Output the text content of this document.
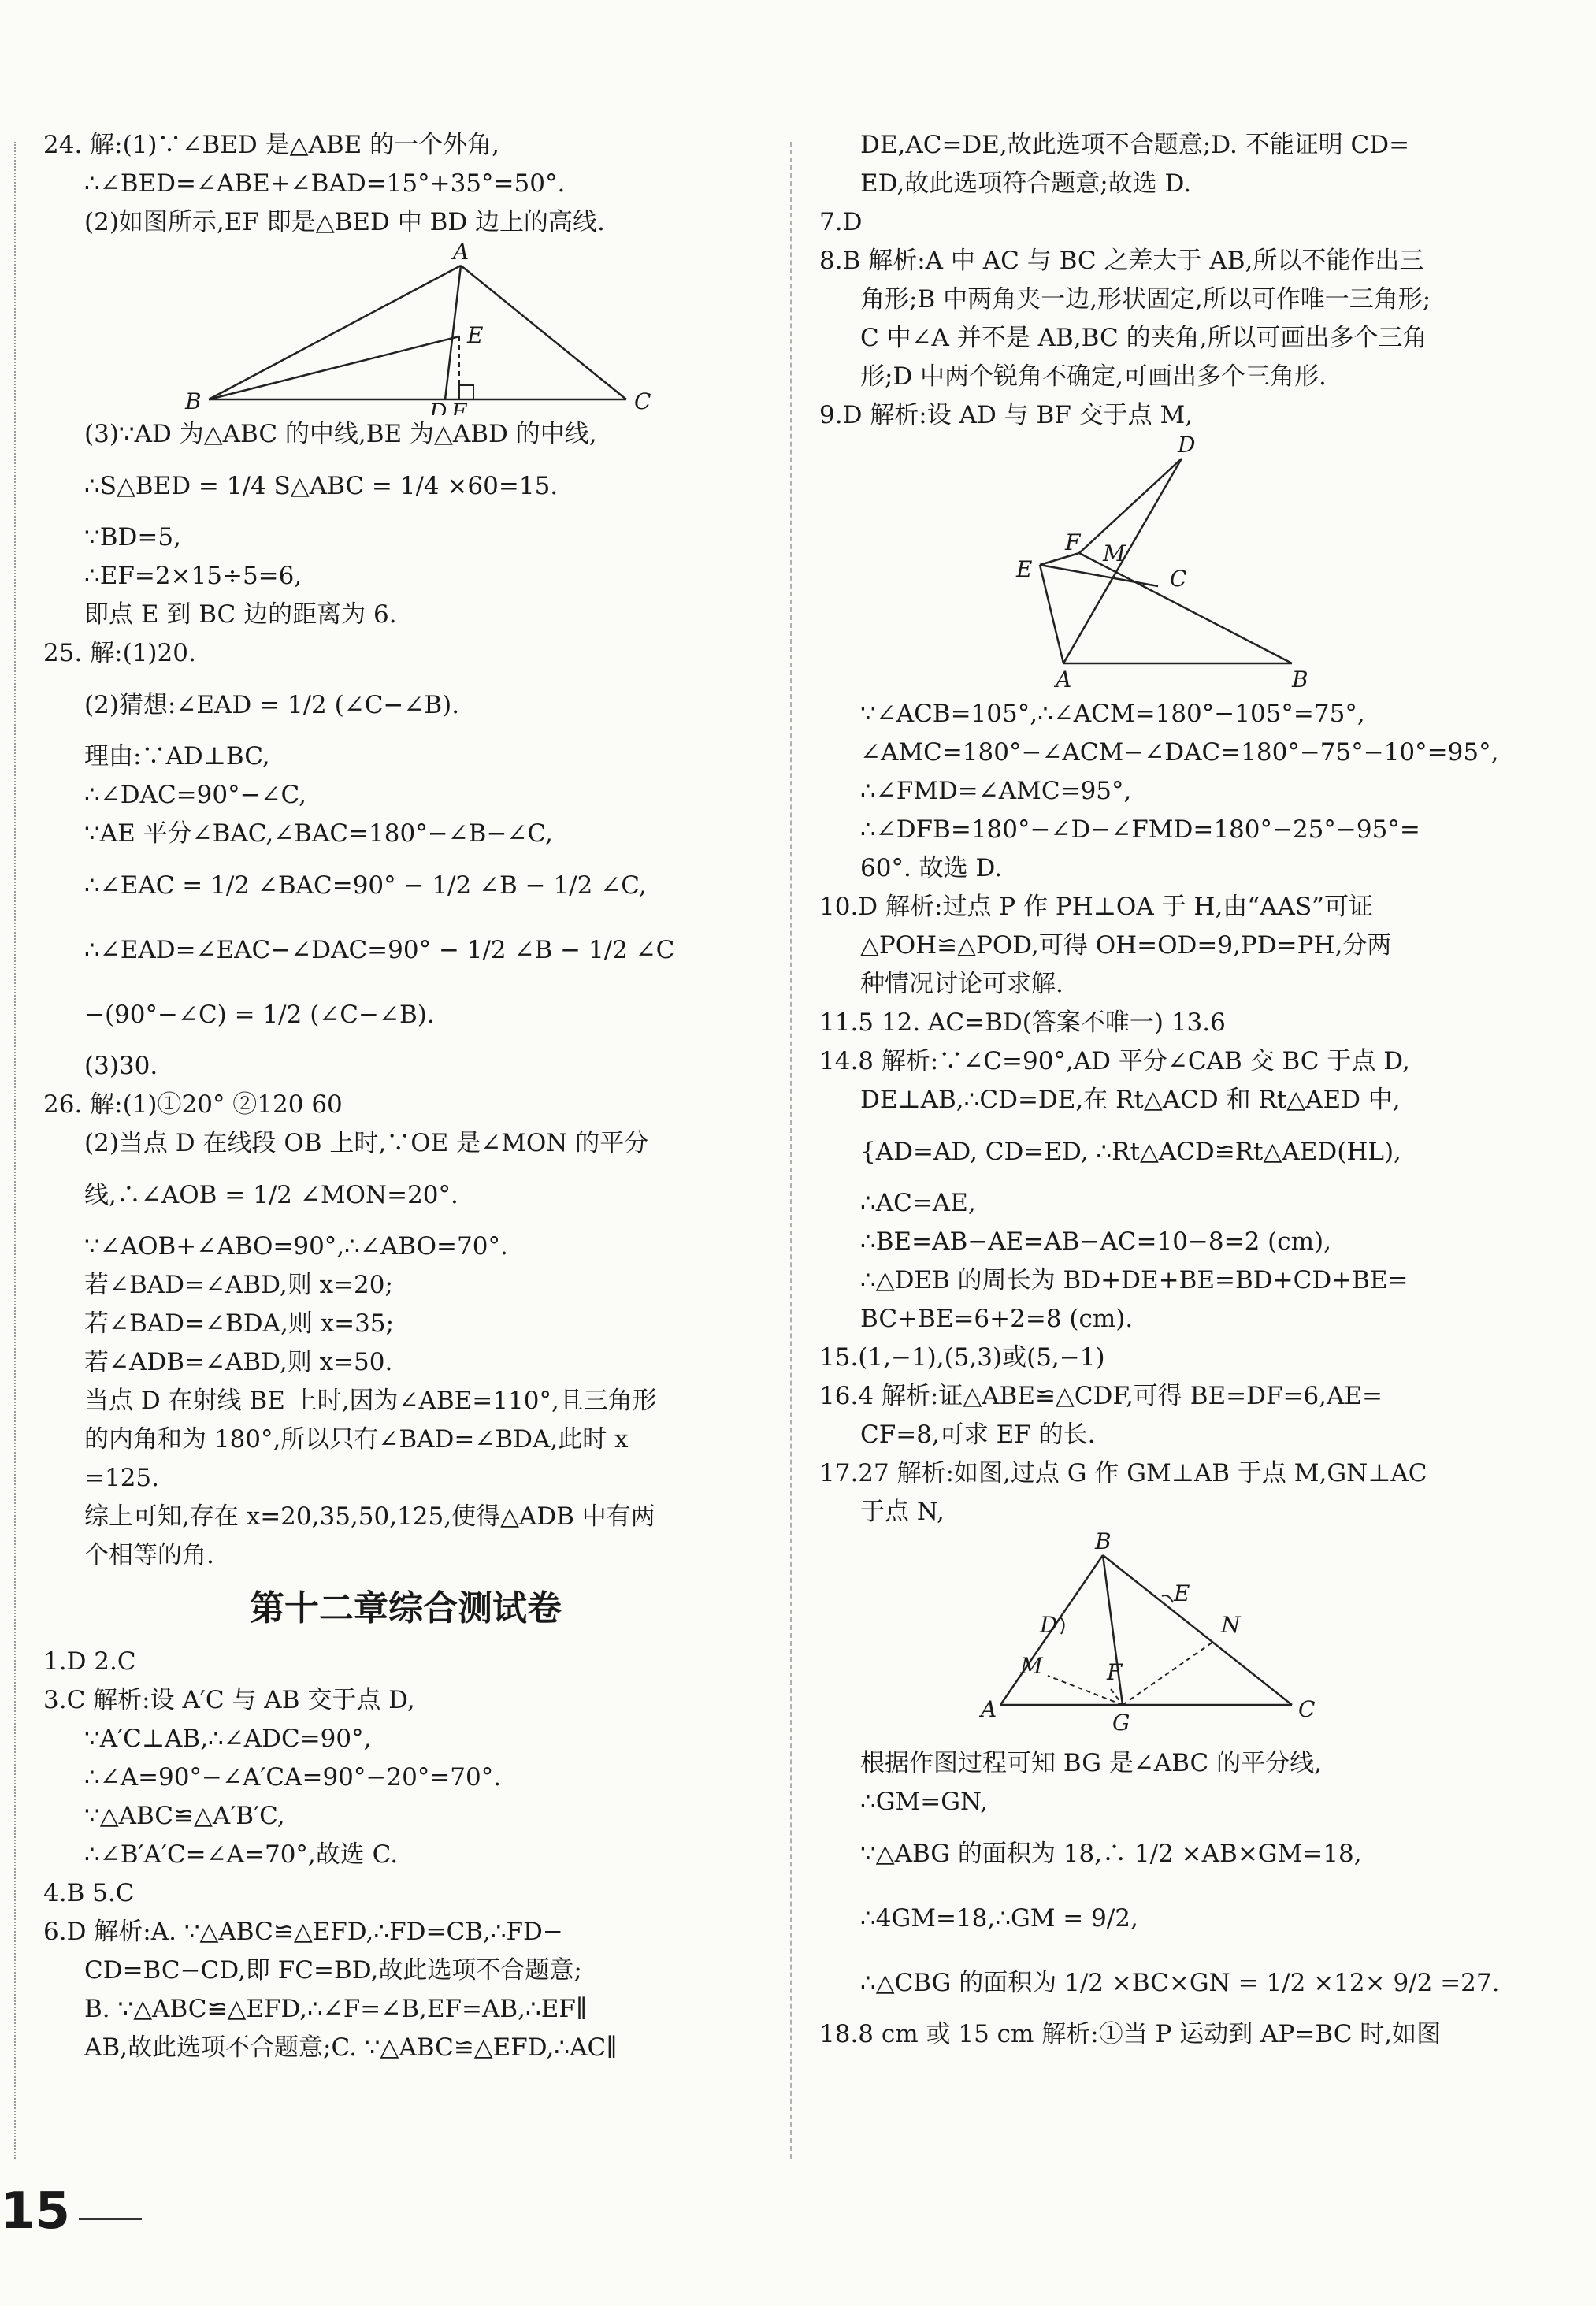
24. 解:(1)∵∠BED 是△ABE 的一个外角,
∴∠BED=∠ABE+∠BAD=15°+35°=50°.
(2)如图所示,EF 即是△BED 中 BD 边上的高线.
A
B	C
D
E
F
(3)∵AD 为△ABC 的中线,BE 为△ABD 的中线,
∴S△BED = 1/4 S△ABC = 1/4 ×60=15.
∵BD=5,
∴EF=2×15÷5=6,
即点 E 到 BC 边的距离为 6.
25. 解:(1)20.
(2)猜想:∠EAD = 1/2 (∠C−∠B).
理由:∵AD⊥BC,
∴∠DAC=90°−∠C,
∵AE 平分∠BAC,∠BAC=180°−∠B−∠C,
∴∠EAC = 1/2 ∠BAC=90° − 1/2 ∠B − 1/2 ∠C,
∴∠EAD=∠EAC−∠DAC=90° − 1/2 ∠B − 1/2 ∠C
−(90°−∠C) = 1/2 (∠C−∠B).
(3)30.
26. 解:(1)①20° ②120 60
(2)当点 D 在线段 OB 上时,∵OE 是∠MON 的平分
线,∴∠AOB = 1/2 ∠MON=20°.
∵∠AOB+∠ABO=90°,∴∠ABO=70°.
若∠BAD=∠ABD,则 x=20;
若∠BAD=∠BDA,则 x=35;
若∠ADB=∠ABD,则 x=50.
当点 D 在射线 BE 上时,因为∠ABE=110°,且三角形
的内角和为 180°,所以只有∠BAD=∠BDA,此时 x
=125.
综上可知,存在 x=20,35,50,125,使得△ADB 中有两
个相等的角.
第十二章综合测试卷
1.D 2.C
3.C 解析:设 A′C 与 AB 交于点 D,
∵A′C⊥AB,∴∠ADC=90°,
∴∠A=90°−∠A′CA=90°−20°=70°.
∵△ABC≌△A′B′C,
∴∠B′A′C=∠A=70°,故选 C.
4.B 5.C
6.D 解析:A. ∵△ABC≌△EFD,∴FD=CB,∴FD−
CD=BC−CD,即 FC=BD,故此选项不合题意;
B. ∵△ABC≌△EFD,∴∠F=∠B,EF=AB,∴EF∥
AB,故此选项不合题意;C. ∵△ABC≌△EFD,∴AC∥
DE,AC=DE,故此选项不合题意;D. 不能证明 CD=
ED,故此选项符合题意;故选 D.
7.D
8.B 解析:A 中 AC 与 BC 之差大于 AB,所以不能作出三
角形;B 中两角夹一边,形状固定,所以可作唯一三角形;
C 中∠A 并不是 AB,BC 的夹角,所以可画出多个三角
形;D 中两个锐角不确定,可画出多个三角形.
9.D 解析:设 AD 与 BF 交于点 M,
D
F M
E	C
A	B
∵∠ACB=105°,∴∠ACM=180°−105°=75°,
∠AMC=180°−∠ACM−∠DAC=180°−75°−10°=95°,
∴∠FMD=∠AMC=95°,
∴∠DFB=180°−∠D−∠FMD=180°−25°−95°=
60°. 故选 D.
10.D 解析:过点 P 作 PH⊥OA 于 H,由“AAS”可证
△POH≌△POD,可得 OH=OD=9,PD=PH,分两
种情况讨论可求解.
11.5 12. AC=BD(答案不唯一) 13.6
14.8 解析:∵∠C=90°,AD 平分∠CAB 交 BC 于点 D,
DE⊥AB,∴CD=DE,在 Rt△ACD 和 Rt△AED 中,
{AD=AD, CD=ED, ∴Rt△ACD≌Rt△AED(HL),
∴AC=AE,
∴BE=AB−AE=AB−AC=10−8=2 (cm),
∴△DEB 的周长为 BD+DE+BE=BD+CD+BE=
BC+BE=6+2=8 (cm).
15.(1,−1),(5,3)或(5,−1)
16.4 解析:证△ABE≌△CDF,可得 BE=DF=6,AE=
CF=8,可求 EF 的长.
17.27 解析:如图,过点 G 作 GM⊥AB 于点 M,GN⊥AC
于点 N,
B
E
D	N
M	F
A
G
C
根据作图过程可知 BG 是∠ABC 的平分线,
∴GM=GN,
∵△ABG 的面积为 18,∴ 1/2 ×AB×GM=18,
∴4GM=18,∴GM = 9/2,
∴△CBG 的面积为 1/2 ×BC×GN = 1/2 ×12× 9/2 =27.
18.8 cm 或 15 cm 解析:①当 P 运动到 AP=BC 时,如图
15
